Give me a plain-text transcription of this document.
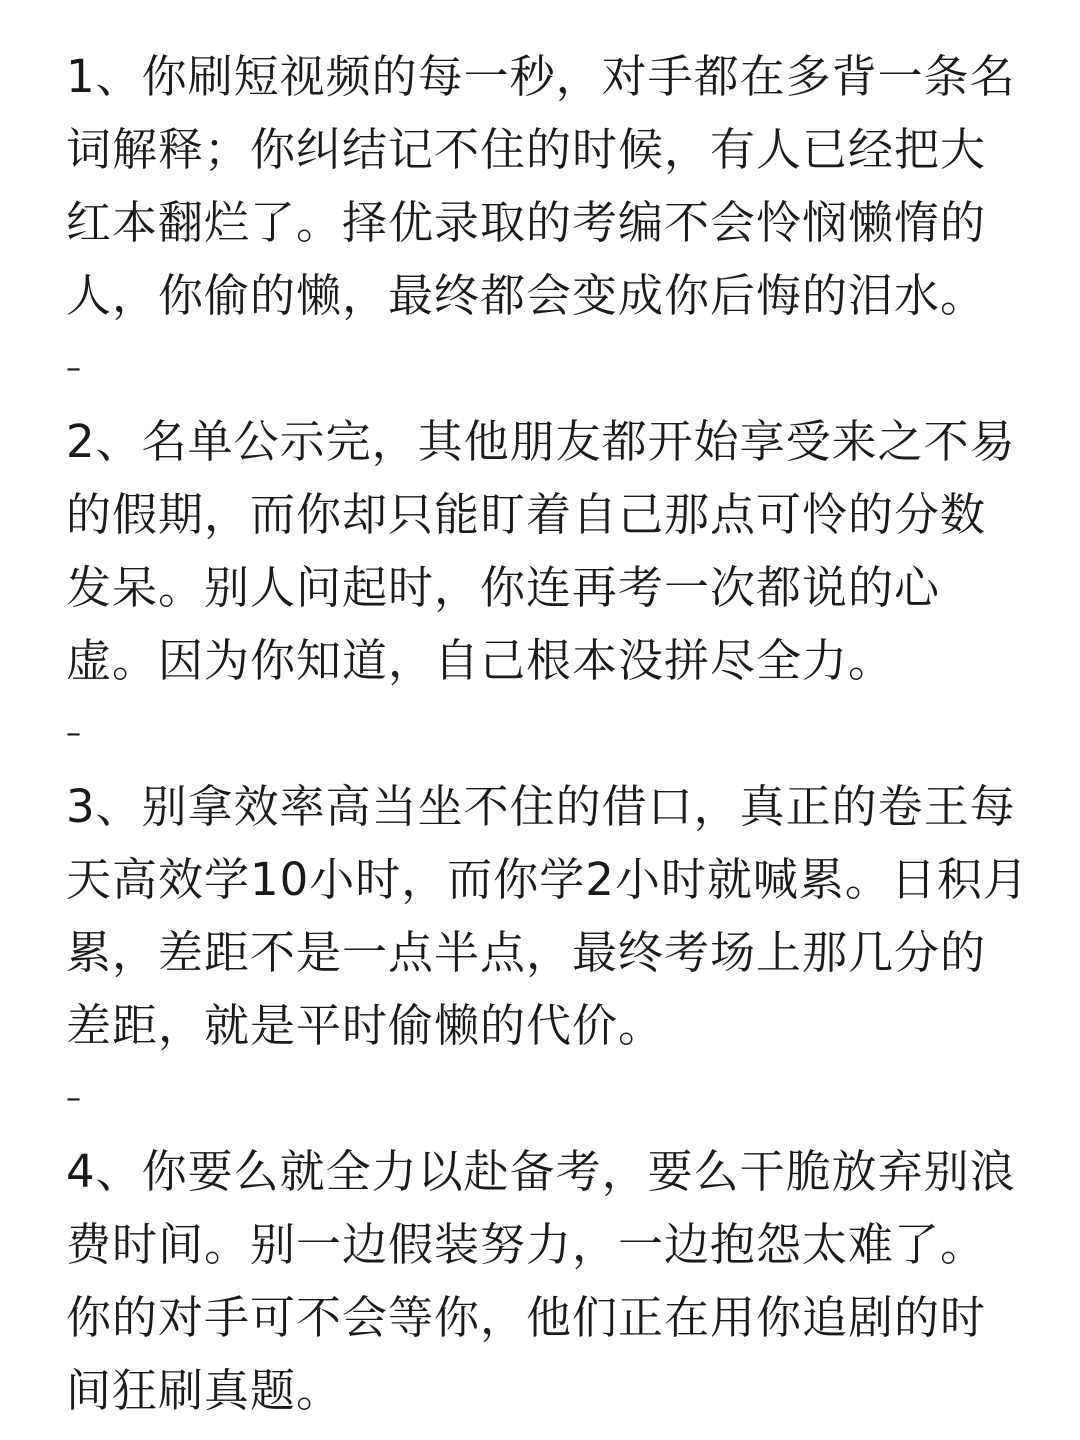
1、你刷短视频的每一秒，对手都在多背一条名
词解释；你纠结记不住的时候，有人已经把大
红本翻烂了。择优录取的考编不会怜悯懒惰的
人，你偷的懒，最终都会变成你后悔的泪水。

–

2、名单公示完，其他朋友都开始享受来之不易
的假期，而你却只能盯着自己那点可怜的分数
发呆。别人问起时，你连再考一次都说的心
虚。因为你知道，自己根本没拼尽全力。

–

3、别拿效率高当坐不住的借口，真正的卷王每
天高效学10小时，而你学2小时就喊累。日积月
累，差距不是一点半点，最终考场上那几分的
差距，就是平时偷懒的代价。

–

4、你要么就全力以赴备考，要么干脆放弃别浪
费时间。别一边假装努力，一边抱怨太难了。
你的对手可不会等你，他们正在用你追剧的时
间狂刷真题。
